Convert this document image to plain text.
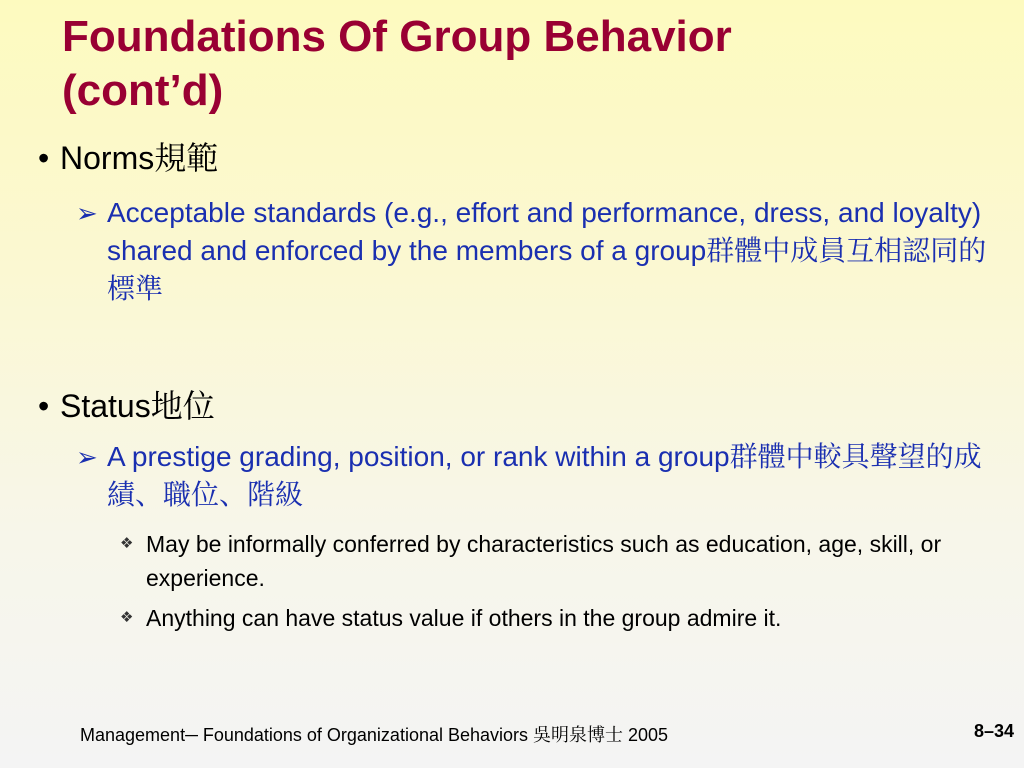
Foundations Of Group Behavior
(cont’d)
• Norms規範
➢ Acceptable standards (e.g., effort and performance, dress, and loyalty) shared and enforced by the members of a group群體中成員互相認同的標準
• Status地位
➢ A prestige grading, position, or rank within a group群體中較具聲望的成績、職位、階級
❖ May be informally conferred by characteristics such as education, age, skill, or experience.
❖ Anything can have status value if others in the group admire it.
Management─ Foundations of Organizational Behaviors 吳明泉博士 2005	8–34
